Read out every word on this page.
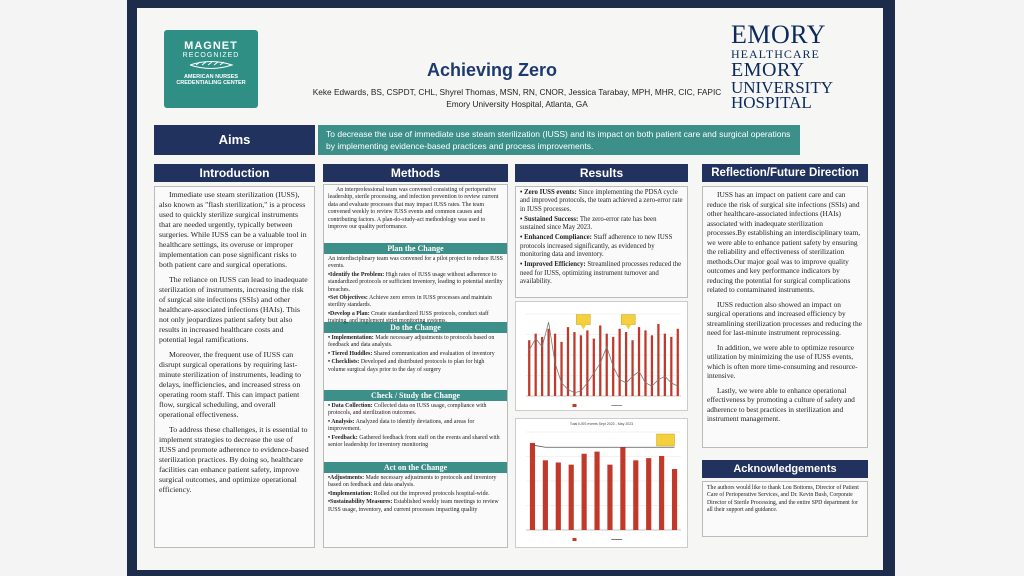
MAGNET
RECOGNIZED
AMERICAN NURSES
CREDENTIALING CENTER
Achieving Zero
Keke Edwards, BS, CSPDT, CHL, Shyrel Thomas, MSN, RN, CNOR, Jessica Tarabay, MPH, MHR, CIC, FAPIC
Emory University Hospital, Atlanta, GA
EMORY
HEALTHCARE
EMORY
UNIVERSITY
HOSPITAL
Aims	To decrease the use of immediate use steam sterilization (IUSS) and its impact on both patient care and surgical operations by implementing evidence-based practices and process improvements.
Introduction

Immediate use steam sterilization (IUSS), also known as "flash sterilization," is a process used to quickly sterilize surgical instruments that are needed urgently, typically between surgeries. While IUSS can be a valuable tool in healthcare settings, its overuse or improper implementation can pose significant risks to both patient care and surgical operations.

The reliance on IUSS can lead to inadequate sterilization of instruments, increasing the risk of surgical site infections (SSIs) and other healthcare-associated infections (HAIs). This not only jeopardizes patient safety but also results in increased healthcare costs and potential legal ramifications.

Moreover, the frequent use of IUSS can disrupt surgical operations by requiring last-minute sterilization of instruments, leading to delays, inefficiencies, and increased stress on operating room staff. This can impact patient flow, surgical scheduling, and overall operational effectiveness.

To address these challenges, it is essential to implement strategies to decrease the use of IUSS and promote adherence to evidence-based sterilization practices. By doing so, healthcare facilities can enhance patient safety, improve surgical outcomes, and optimize operational efficiency.

Methods
An interprofessional team was convened consisting of perioperative leadership, sterile processing, and infection prevention to review current data and evaluate processes that may impact IUSS rates. The team convened weekly to review IUSS events and common causes and contributing factors. A plan-do-study-act methodology was used to improve our quality performance.
Plan the Change
An interdisciplinary team was convened for a pilot project to reduce IUSS events.
•Identify the Problem: High rates of IUSS usage without adherence to standardized protocols or sufficient inventory, leading to potential sterility breaches.
•Set Objectives: Achieve zero errors in IUSS processes and maintain sterility standards.
•Develop a Plan: Create standardized IUSS protocols, conduct staff training, and implement strict monitoring systems.
Do the Change
• Implementation: Made necessary adjustments to protocols based on feedback and data analysis.
• Tiered Huddles: Shared communication and evaluation of inventory
• Checklists: Developed and distributed protocols to plan for high volume surgical days prior to the day of surgery
Check / Study the Change
• Data Collection: Collected data on IUSS usage, compliance with protocols, and sterilization outcomes.
• Analysis: Analyzed data to identify deviations, and areas for improvement.
• Feedback: Gathered feedback from staff on the events and shared with senior leadership for inventory monitoring
Act on the Change
•Adjustments: Made necessary adjustments to protocols and inventory based on feedback and data analysis.
•Implementation: Rolled out the improved protocols hospital-wide.
•Sustainability Measures: Established weekly team meetings to review IUSS usage, inventory, and current processes impacting quality
Results
• Zero IUSS events: Since implementing the PDSA cycle and improved protocols, the team achieved a zero-error rate in IUSS processes.
• Sustained Success: The zero-error rate has been sustained since May 2023.
• Enhanced Compliance: Staff adherence to new IUSS protocols increased significantly, as evidenced by monitoring data and inventory.
• Improved Efficiency: Streamlined processes reduced the need for IUSS, optimizing instrument turnover and availability.
Total IUSS events Sept 2023 - May 2023
Reflection/Future Direction

IUSS has an impact on patient care and can reduce the risk of surgical site infections (SSIs) and other healthcare-associated infections (HAIs) associated with inadequate sterilization processes.By establishing an interdisciplinary team, we were able to enhance patient safety by ensuring the reliability and effectiveness of sterilization methods.Our major goal was to improve quality outcomes and key performance indicators by reducing the potential for surgical complications related to contaminated instruments.

IUSS reduction also showed an impact on surgical operations and increased efficiency by streamlining sterilization processes and reducing the need for last-minute instrument reprocessing.

In addition, we were able to optimize resource utilization by minimizing the use of IUSS events, which is often more time-consuming and resource-intensive.

Lastly, we were able to enhance operational effectiveness by promoting a culture of safety and adherence to best practices in sterilization and instrument management.

Acknowledgements
The authors would like to thank Lou Bottoms, Director of Patient Care of Perioperative Services, and Dr. Kevin Bush, Corporate Director of Sterile Processing, and the entire SPD department for all their support and guidance.
